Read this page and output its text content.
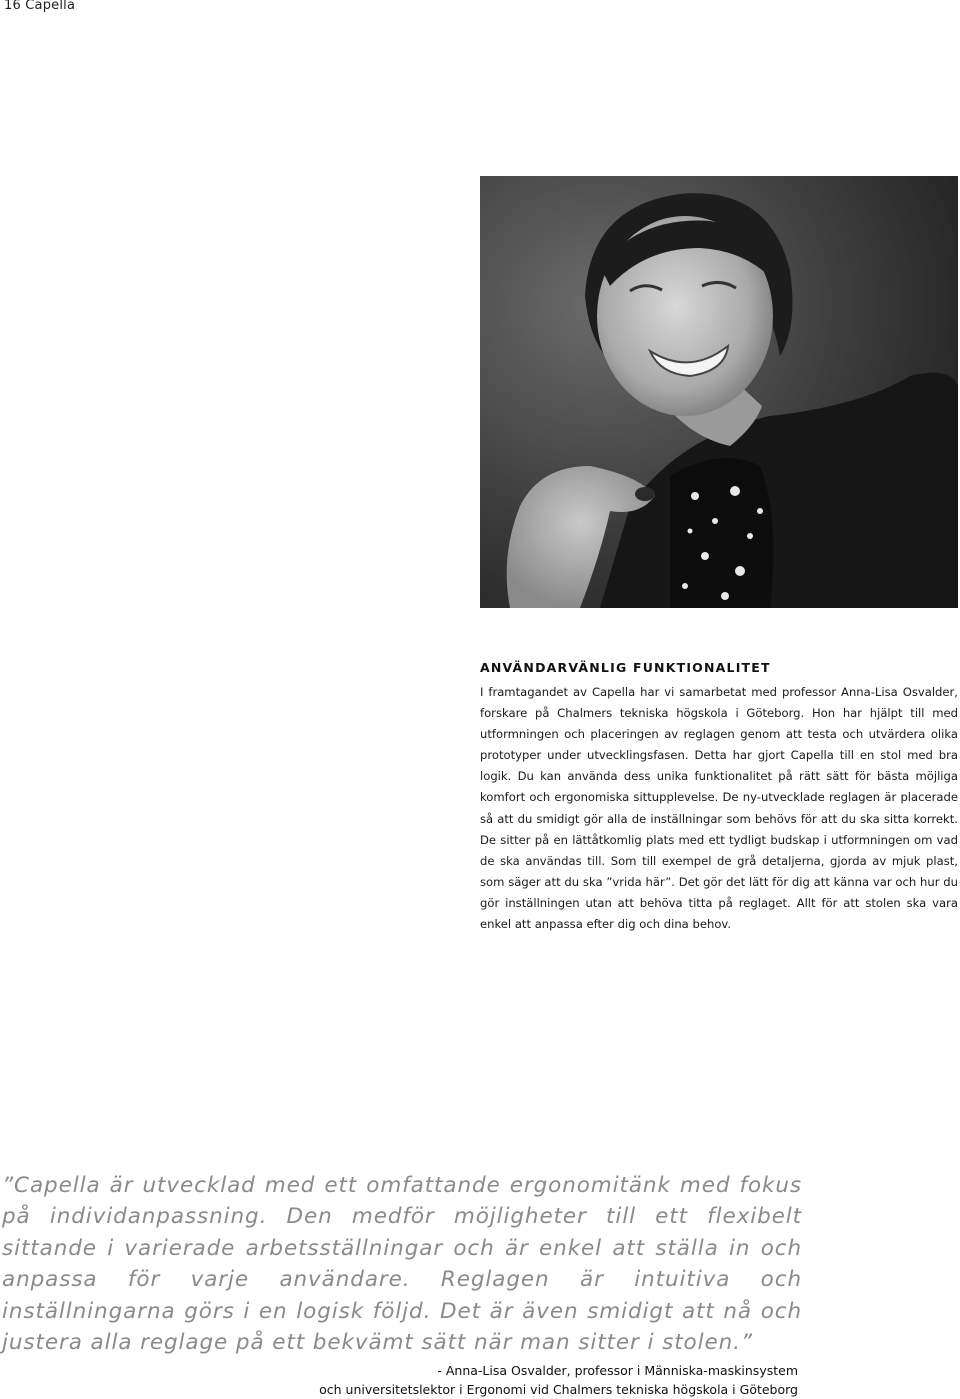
16 Capella
ANVÄNDARVÄNLIG FUNKTIONALITET

I framtagandet av Capella har vi samarbetat med professor Anna-Lisa Osvalder, forskare på Chalmers tekniska högskola i Göteborg. Hon har hjälpt till med utformningen och placeringen av reglagen genom att testa och utvärdera olika prototyper under utvecklingsfasen. Detta har gjort Capella till en stol med bra logik. Du kan använda dess unika funktionalitet på rätt sätt för bästa möjliga komfort och ergonomiska sittupplevelse. De ny-utvecklade reglagen är placerade så att du smidigt gör alla de inställningar som behövs för att du ska sitta korrekt. De sitter på en lättåtkomlig plats med ett tydligt budskap i utformningen om vad de ska användas till. Som till exempel de grå detaljerna, gjorda av mjuk plast, som säger att du ska ”vrida här”. Det gör det lätt för dig att känna var och hur du gör inställningen utan att behöva titta på reglaget. Allt för att stolen ska vara enkel att anpassa efter dig och dina behov.

”Capella är utvecklad med ett omfattande ergonomitänk med fokus på individanpassning. Den medför möjligheter till ett flexibelt sittande i varierade arbetsställningar och är enkel att ställa in och anpassa för varje användare. Reglagen är intuitiva och inställningarna görs i en logisk följd. Det är även smidigt att nå och justera alla reglage på ett bekvämt sätt när man sitter i stolen.”

- Anna-Lisa Osvalder, professor i Människa-maskinsystem
och universitetslektor i Ergonomi vid Chalmers tekniska högskola i Göteborg
